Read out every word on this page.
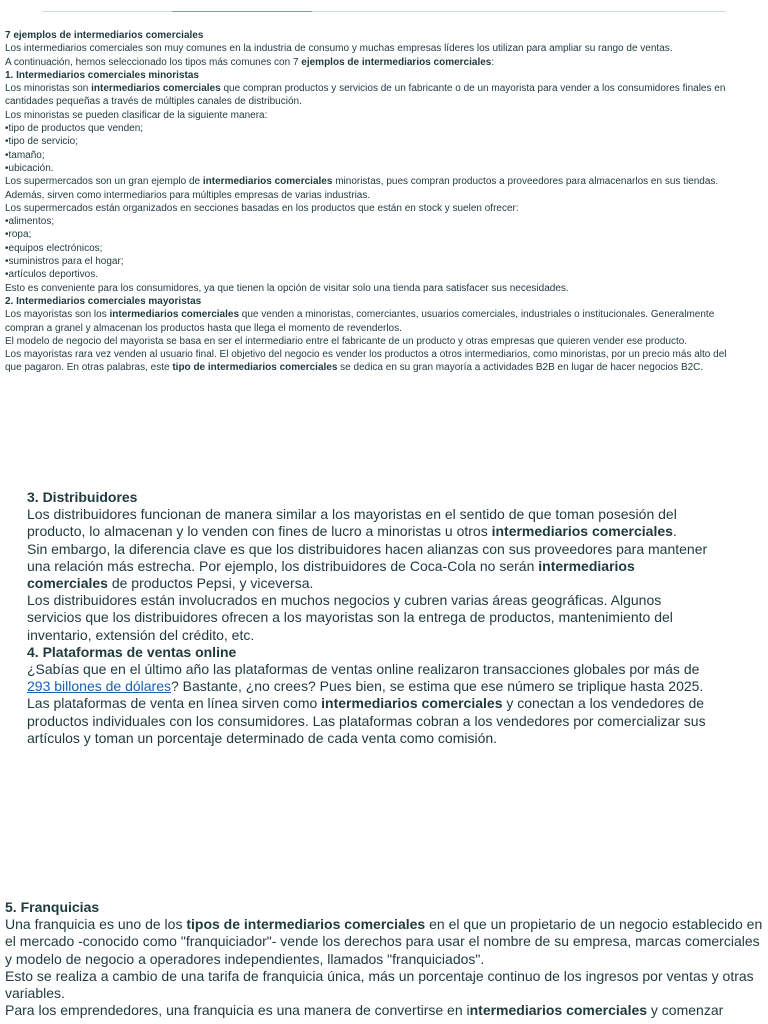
7 ejemplos de intermediarios comerciales

Los intermediarios comerciales son muy comunes en la industria de consumo y muchas empresas líderes los utilizan para ampliar su rango de ventas.

A continuación, hemos seleccionado los tipos más comunes con 7 ejemplos de intermediarios comerciales:

1. Intermediarios comerciales minoristas

Los minoristas son intermediarios comerciales que compran productos y servicios de un fabricante o de un mayorista para vender a los consumidores finales en cantidades pequeñas a través de múltiples canales de distribución.

Los minoristas se pueden clasificar de la siguiente manera:

• tipo de productos que venden;
• tipo de servicio;
• tamaño;
• ubicación.

Los supermercados son un gran ejemplo de intermediarios comerciales minoristas, pues compran productos a proveedores para almacenarlos en sus tiendas. Además, sirven como intermediarios para múltiples empresas de varias industrias.

Los supermercados están organizados en secciones basadas en los productos que están en stock y suelen ofrecer:

• alimentos;
• ropa;
• equipos electrónicos;
• suministros para el hogar;
• artículos deportivos.

Esto es conveniente para los consumidores, ya que tienen la opción de visitar solo una tienda para satisfacer sus necesidades.

2. Intermediarios comerciales mayoristas

Los mayoristas son los intermediarios comerciales que venden a minoristas, comerciantes, usuarios comerciales, industriales o institucionales. Generalmente compran a granel y almacenan los productos hasta que llega el momento de revenderlos.

El modelo de negocio del mayorista se basa en ser el intermediario entre el fabricante de un producto y otras empresas que quieren vender ese producto.

Los mayoristas rara vez venden al usuario final. El objetivo del negocio es vender los productos a otros intermediarios, como minoristas, por un precio más alto del que pagaron. En otras palabras, este tipo de intermediarios comerciales se dedica en su gran mayoría a actividades B2B en lugar de hacer negocios B2C.

3. Distribuidores

Los distribuidores funcionan de manera similar a los mayoristas en el sentido de que toman posesión del producto, lo almacenan y lo venden con fines de lucro a minoristas u otros intermediarios comerciales.

Sin embargo, la diferencia clave es que los distribuidores hacen alianzas con sus proveedores para mantener una relación más estrecha. Por ejemplo, los distribuidores de Coca-Cola no serán intermediarios comerciales de productos Pepsi, y viceversa.

Los distribuidores están involucrados en muchos negocios y cubren varias áreas geográficas. Algunos servicios que los distribuidores ofrecen a los mayoristas son la entrega de productos, mantenimiento del inventario, extensión del crédito, etc.

4. Plataformas de ventas online

¿Sabías que en el último año las plataformas de ventas online realizaron transacciones globales por más de 293 billones de dólares? Bastante, ¿no crees? Pues bien, se estima que ese número se triplique hasta 2025.

Las plataformas de venta en línea sirven como intermediarios comerciales y conectan a los vendedores de productos individuales con los consumidores. Las plataformas cobran a los vendedores por comercializar sus artículos y toman un porcentaje determinado de cada venta como comisión.

5. Franquicias

Una franquicia es uno de los tipos de intermediarios comerciales en el que un propietario de un negocio establecido en el mercado -conocido como "franquiciador"- vende los derechos para usar el nombre de su empresa, marcas comerciales y modelo de negocio a operadores independientes, llamados "franquiciados".

Esto se realiza a cambio de una tarifa de franquicia única, más un porcentaje continuo de los ingresos por ventas y otras variables.

Para los emprendedores, una franquicia es una manera de convertirse en intermediarios comerciales y comenzar
